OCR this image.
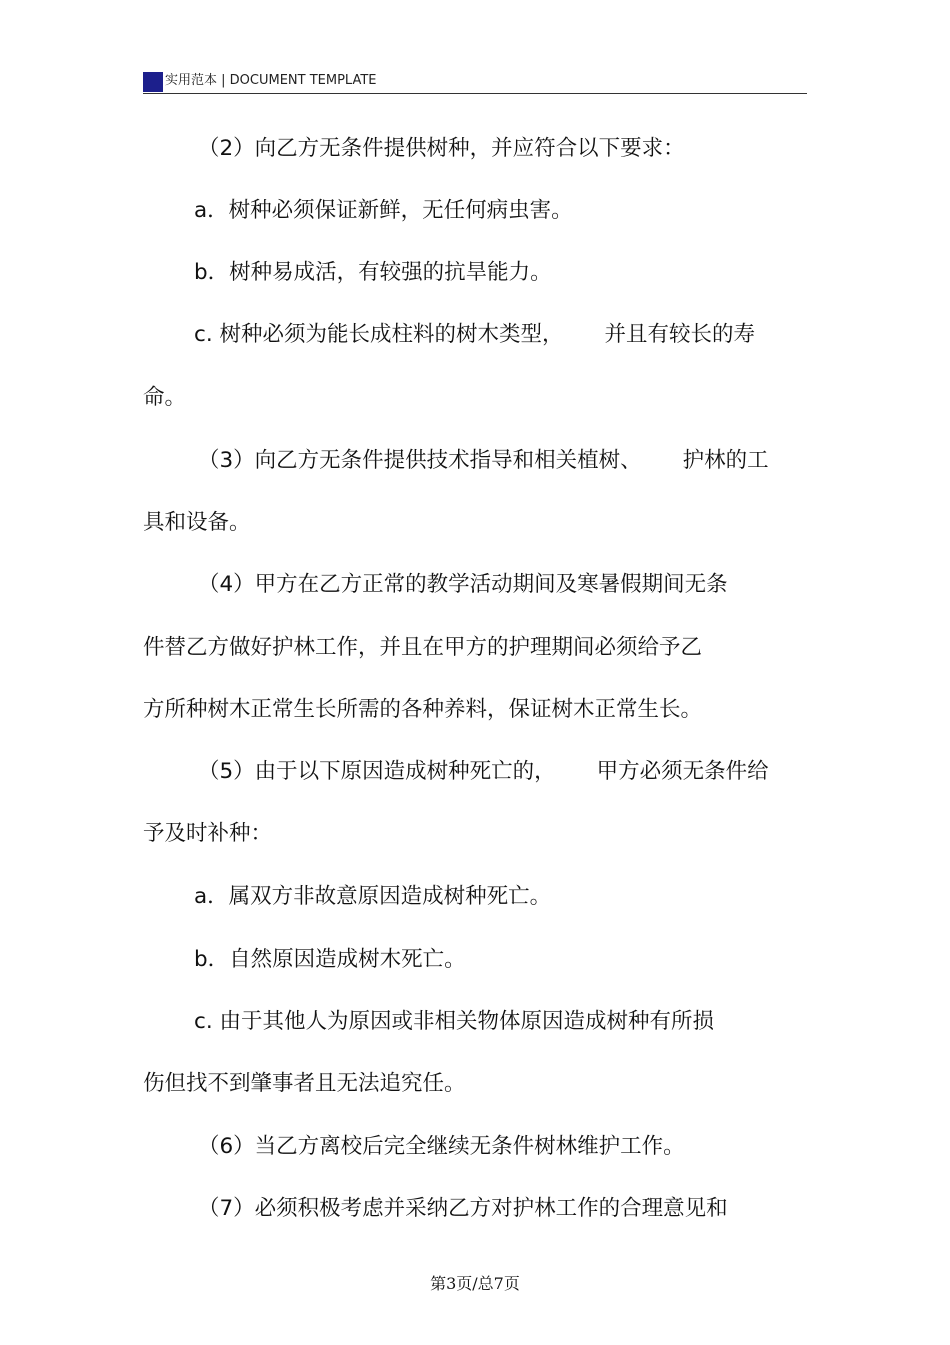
实用范本 | DOCUMENT TEMPLATE
（2）向乙方无条件提供树种，并应符合以下要求：
a．树种必须保证新鲜，无任何病虫害。
b．树种易成活，有较强的抗旱能力。
c. 树种必须为能长成柱料的树木类型，      并且有较长的寿
命。
（3）向乙方无条件提供技术指导和相关植树、      护林的工
具和设备。
（4）甲方在乙方正常的教学活动期间及寒暑假期间无条
件替乙方做好护林工作，并且在甲方的护理期间必须给予乙
方所种树木正常生长所需的各种养料，保证树木正常生长。
（5）由于以下原因造成树种死亡的，      甲方必须无条件给
予及时补种：
a．属双方非故意原因造成树种死亡。
b．自然原因造成树木死亡。
c. 由于其他人为原因或非相关物体原因造成树种有所损
伤但找不到肇事者且无法追究任。
（6）当乙方离校后完全继续无条件树林维护工作。
（7）必须积极考虑并采纳乙方对护林工作的合理意见和
第3页/总7页
